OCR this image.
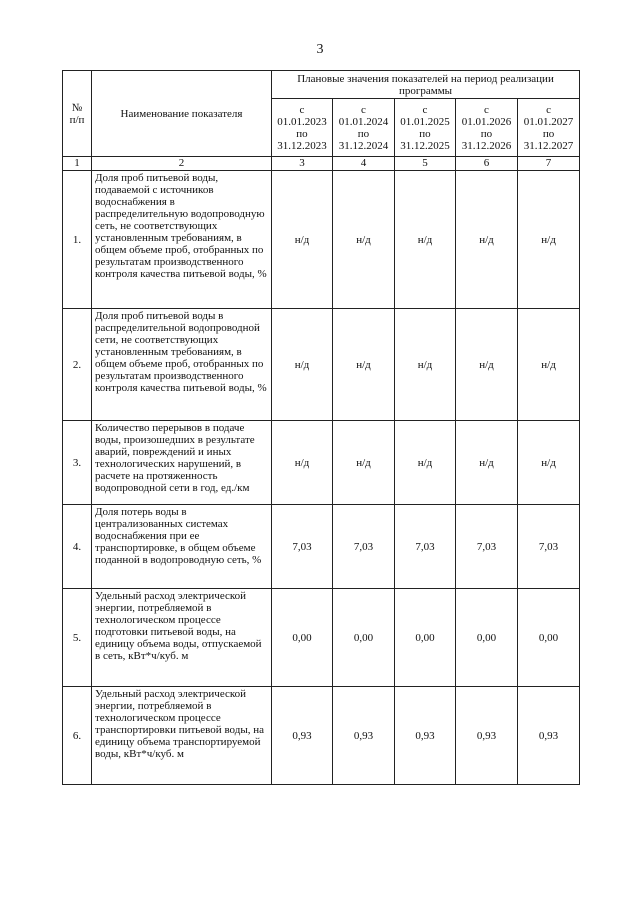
3
№ п/п	Наименование показателя	Плановые значения показателей на период реализации программы				

		с
01.01.2023
по
31.12.2023	с
01.01.2024
по
31.12.2024	с
01.01.2025
по
31.12.2025	с
01.01.2026
по
31.12.2026	с
01.01.2027
по
31.12.2027

1	2	3	4	5	6	7
1.	Доля проб питьевой воды, подаваемой с источников водоснабжения в распределительную водопроводную сеть, не соответствующих установленным требованиям, в общем объеме проб, отобранных по результатам производственного контроля качества питьевой воды, %	н/д	н/д	н/д	н/д	н/д
2.	Доля проб питьевой воды в распределительной водопроводной сети, не соответствующих установленным требованиям, в общем объеме проб, отобранных по результатам производственного контроля качества питьевой воды, %	н/д	н/д	н/д	н/д	н/д
3.	Количество перерывов в подаче воды, произошедших в результате аварий, повреждений и иных технологических нарушений, в расчете на протяженность водопроводной сети в год, ед./км	н/д	н/д	н/д	н/д	н/д
4.	Доля потерь воды в централизованных системах водоснабжения при ее транспортировке, в общем объеме поданной в водопроводную сеть, %	7,03	7,03	7,03	7,03	7,03
5.	Удельный расход электрической энергии, потребляемой в технологическом процессе подготовки питьевой воды, на единицу объема воды, отпускаемой в сеть, кВт*ч/куб. м	0,00	0,00	0,00	0,00	0,00
6.	Удельный расход электрической энергии, потребляемой в технологическом процессе транспортировки питьевой воды, на единицу объема транспортируемой воды, кВт*ч/куб. м	0,93	0,93	0,93	0,93	0,93
